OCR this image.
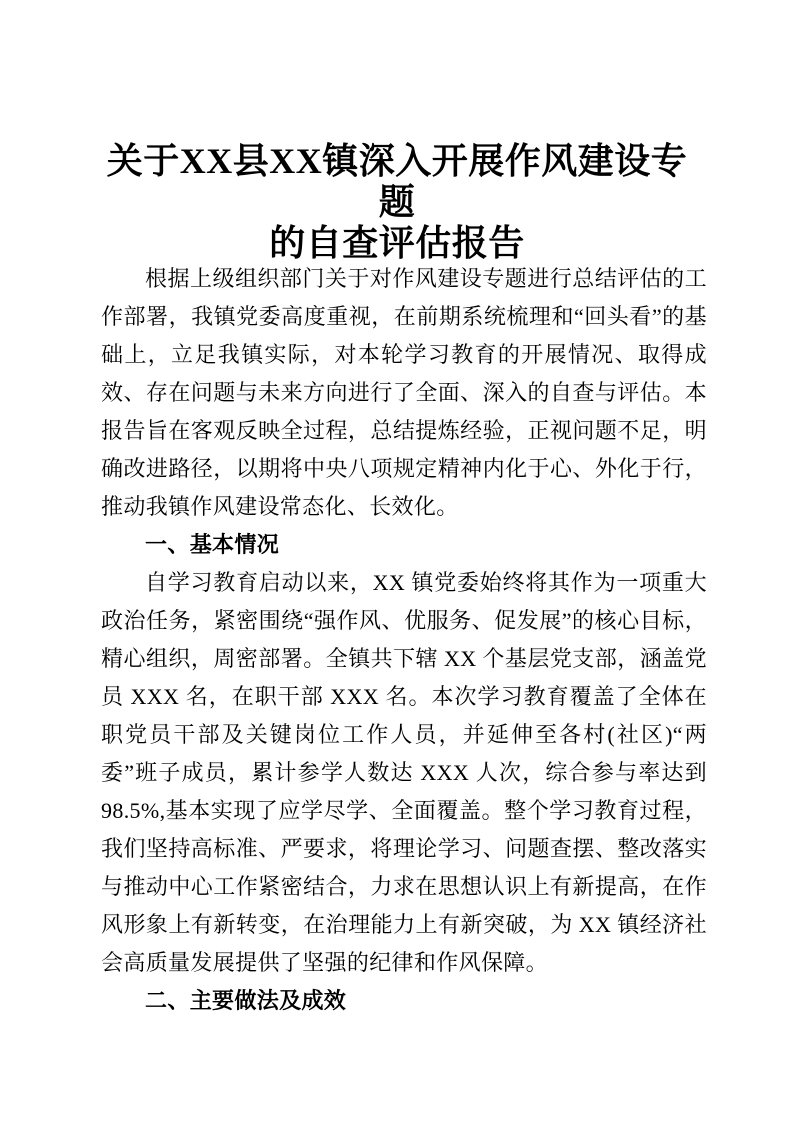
关于XX县XX镇深入开展作风建设专题
的自查评估报告

根据上级组织部门关于对作风建设专题进行总结评估的工作部署，我镇党委高度重视，在前期系统梳理和“回头看”的基础上，立足我镇实际，对本轮学习教育的开展情况、取得成效、存在问题与未来方向进行了全面、深入的自查与评估。本报告旨在客观反映全过程，总结提炼经验，正视问题不足，明确改进路径，以期将中央八项规定精神内化于心、外化于行，推动我镇作风建设常态化、长效化。

一、基本情况

自学习教育启动以来，XX 镇党委始终将其作为一项重大政治任务，紧密围绕“强作风、优服务、促发展”的核心目标，精心组织，周密部署。全镇共下辖 XX 个基层党支部，涵盖党员 XXX 名，在职干部 XXX 名。本次学习教育覆盖了全体在职党员干部及关键岗位工作人员，并延伸至各村(社区)“两委”班子成员，累计参学人数达 XXX 人次，综合参与率达到 98.5%,基本实现了应学尽学、全面覆盖。整个学习教育过程，我们坚持高标准、严要求，将理论学习、问题查摆、整改落实与推动中心工作紧密结合，力求在思想认识上有新提高，在作风形象上有新转变，在治理能力上有新突破，为 XX 镇经济社会高质量发展提供了坚强的纪律和作风保障。

二、主要做法及成效
